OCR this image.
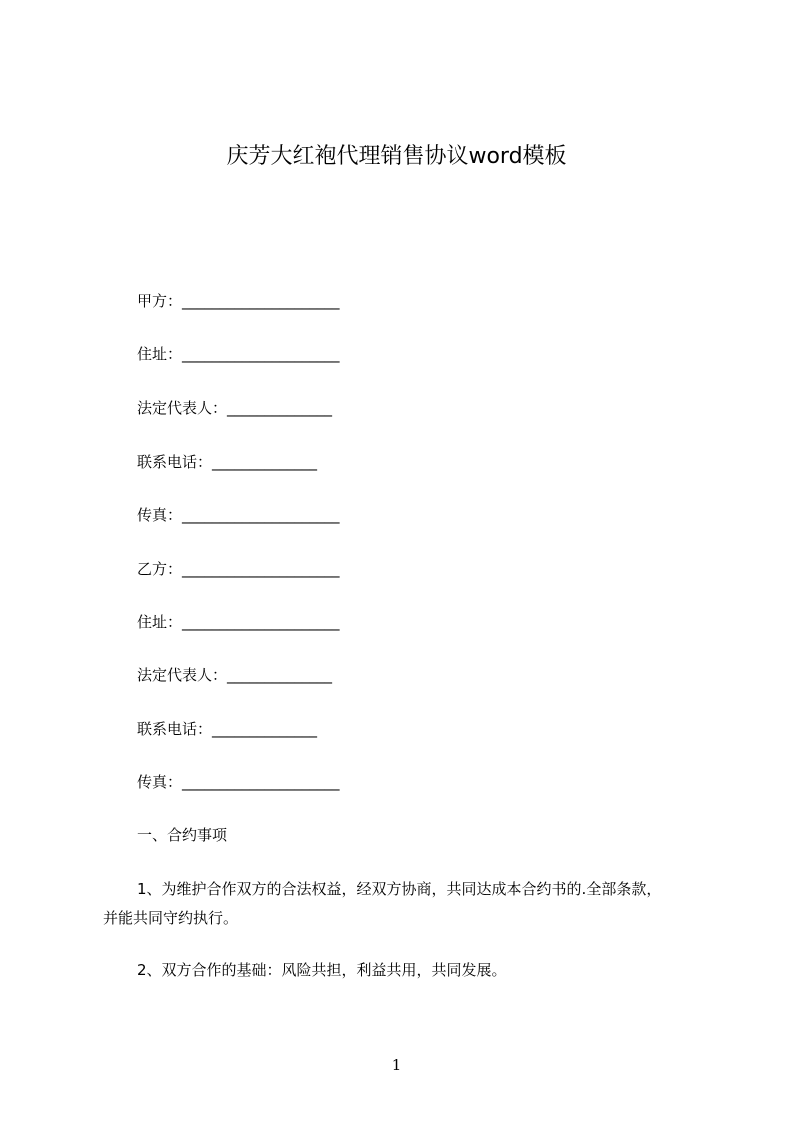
庆芳大红袍代理销售协议word模板
甲方：_____________________
住址：_____________________
法定代表人：______________
联系电话：______________
传真：_____________________
乙方：_____________________
住址：_____________________
法定代表人：______________
联系电话：______________
传真：_____________________
一、合约事项
1、为维护合作双方的合法权益，经双方协商，共同达成本合约书的.全部条款，
并能共同守约执行。
2、双方合作的基础：风险共担，利益共用，共同发展。
1
